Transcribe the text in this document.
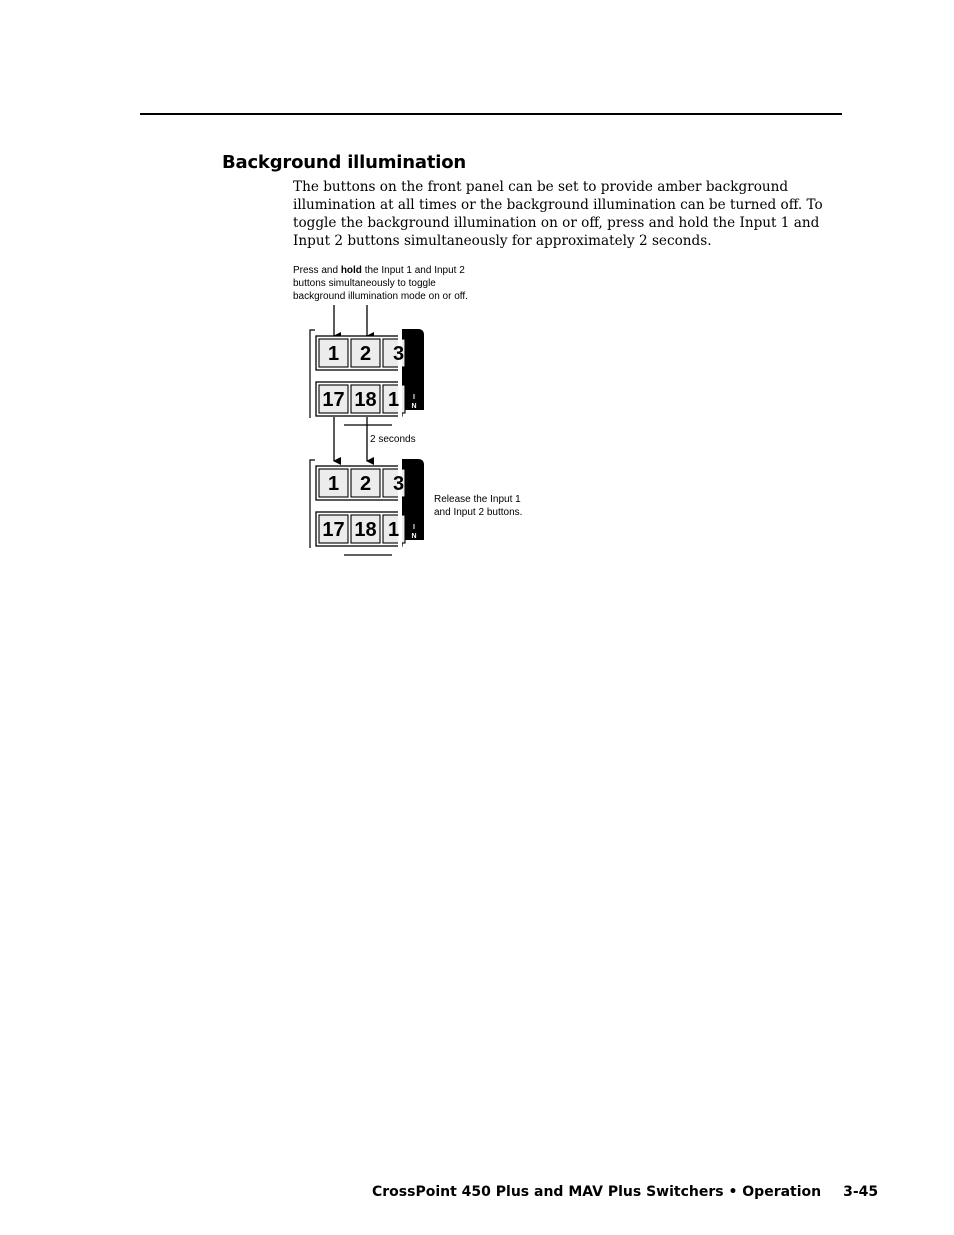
Background illumination

The buttons on the front panel can be set to provide amber background
illumination at all times or the background illumination can be turned off. To
toggle the background illumination on or off, press and hold the Input 1 and
Input 2 buttons simultaneously for approximately 2 seconds.

Press and hold the Input 1 and Input 2
buttons simultaneously to toggle
background illumination mode on or off.
2 seconds
Release the Input 1
and Input 2 buttons.
I
N
1 2 3
17 18 1
I
N
1 2 3
17 18 1
CrossPoint 450 Plus and MAV Plus Switchers • Operation 3-45
